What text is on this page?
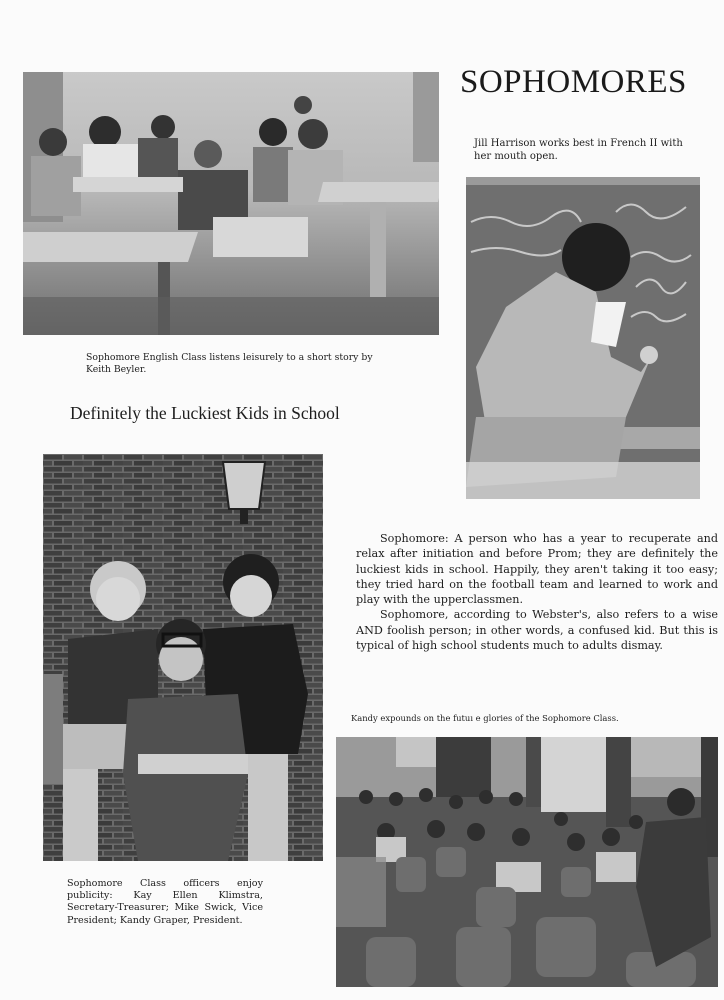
SOPHOMORES
Jill Harrison works best in French II with her mouth open.
Sophomore English Class listens leisurely to a short story by Keith Beyler.
Definitely the Luckiest Kids in School

Sophomore: A person who has a year to recuperate and relax after initiation and before Prom; they are definitely the luckiest kids in school. Happily, they aren't taking it too easy; they tried hard on the football team and learned to work and play with the upperclassmen.

Sophomore, according to Webster's, also refers to a wise AND foolish person; in other words, a confused kid. But this is typical of high school students much to adults dismay.

Kandy expounds on the futuı e glories of the Sophomore Class.
Sophomore Class officers enjoy publicity: Kay Ellen Klimstra, Secretary-Treasurer; Mike Swick, Vice President; Kandy Graper, President.
